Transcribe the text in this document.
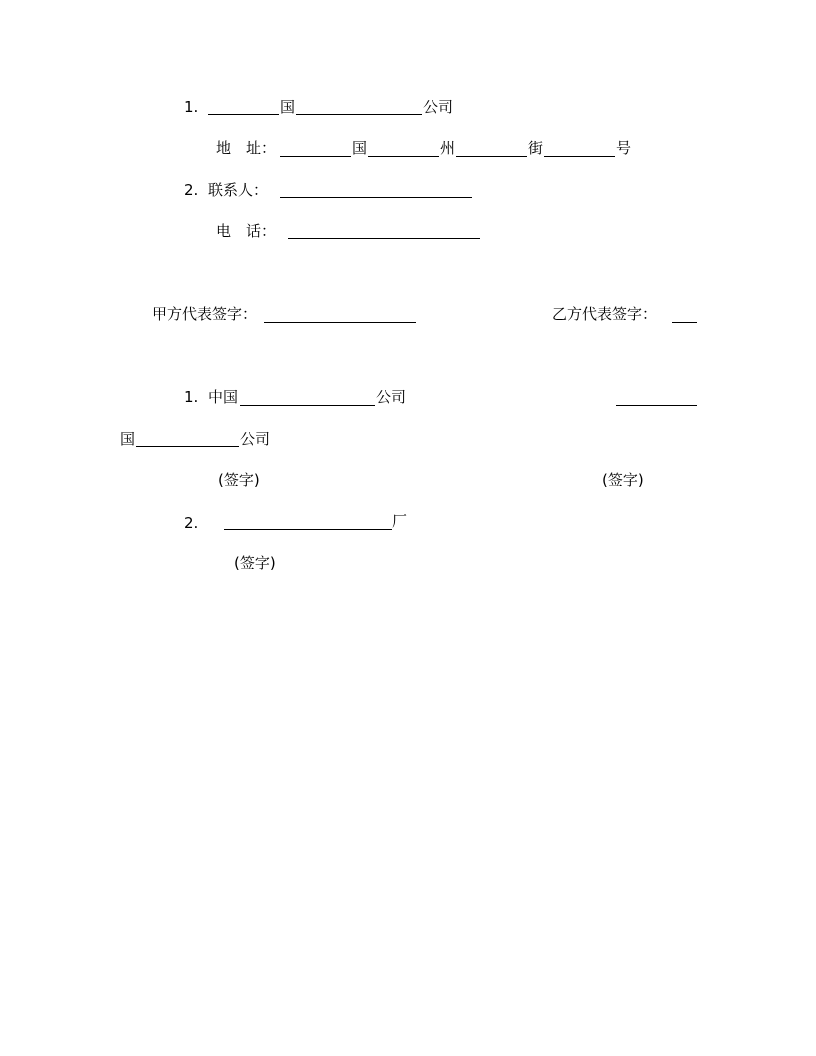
1.	国	公司
地　址：	国	州	街	号
2. 联系人：
电　话：
甲方代表签字：	乙方代表签字：
1. 中国	公司
国	公司
(签字)	(签字)
2.	厂
(签字)
